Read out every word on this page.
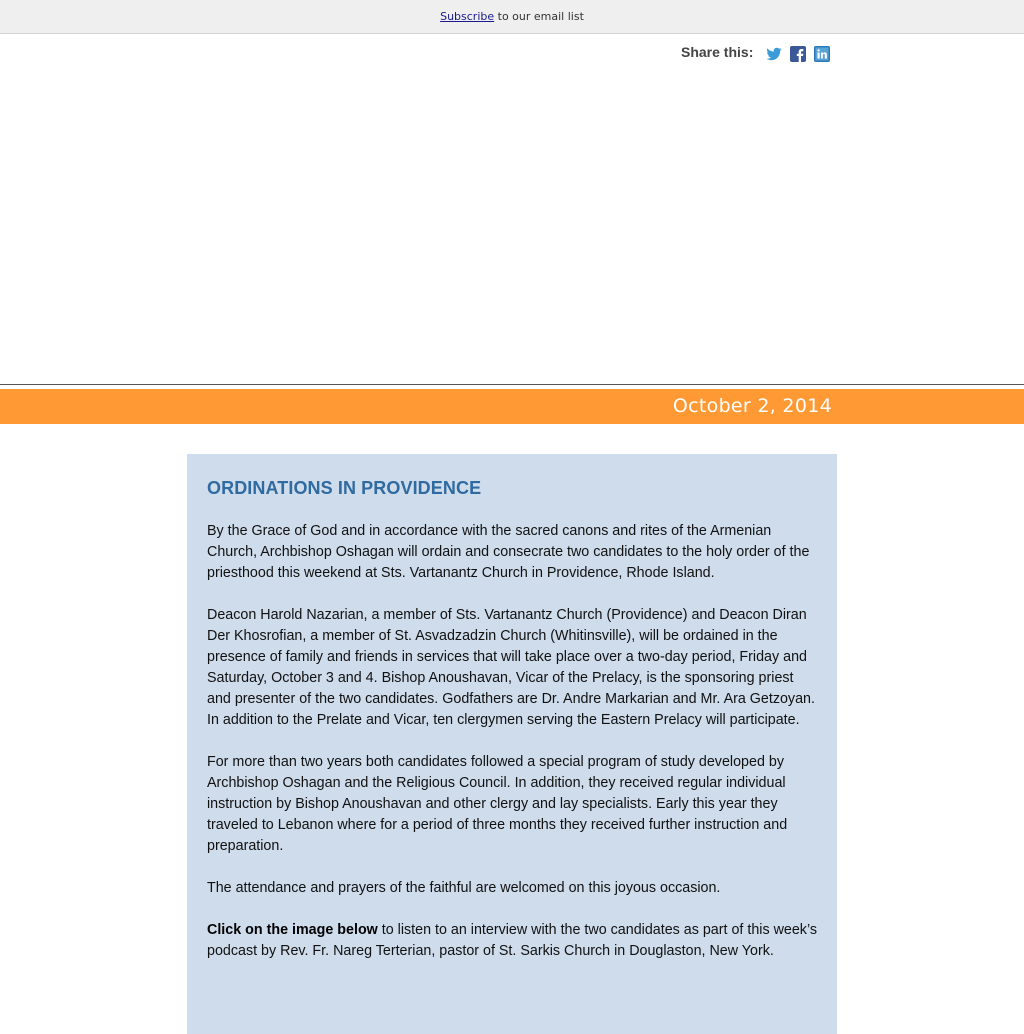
Subscribe to our email list
Share this:
October 2, 2014
ORDINATIONS IN PROVIDENCE

By the Grace of God and in accordance with the sacred canons and rites of the Armenian Church, Archbishop Oshagan will ordain and consecrate two candidates to the holy order of the priesthood this weekend at Sts. Vartanantz Church in Providence, Rhode Island.

Deacon Harold Nazarian, a member of Sts. Vartanantz Church (Providence) and Deacon Diran Der Khosrofian, a member of St. Asvadzadzin Church (Whitinsville), will be ordained in the presence of family and friends in services that will take place over a two-day period, Friday and Saturday, October 3 and 4. Bishop Anoushavan, Vicar of the Prelacy, is the sponsoring priest and presenter of the two candidates. Godfathers are Dr. Andre Markarian and Mr. Ara Getzoyan. In addition to the Prelate and Vicar, ten clergymen serving the Eastern Prelacy will participate.

For more than two years both candidates followed a special program of study developed by Archbishop Oshagan and the Religious Council. In addition, they received regular individual instruction by Bishop Anoushavan and other clergy and lay specialists. Early this year they traveled to Lebanon where for a period of three months they received further instruction and preparation.

The attendance and prayers of the faithful are welcomed on this joyous occasion.

Click on the image below to listen to an interview with the two candidates as part of this week’s podcast by Rev. Fr. Nareg Terterian, pastor of St. Sarkis Church in Douglaston, New York.
